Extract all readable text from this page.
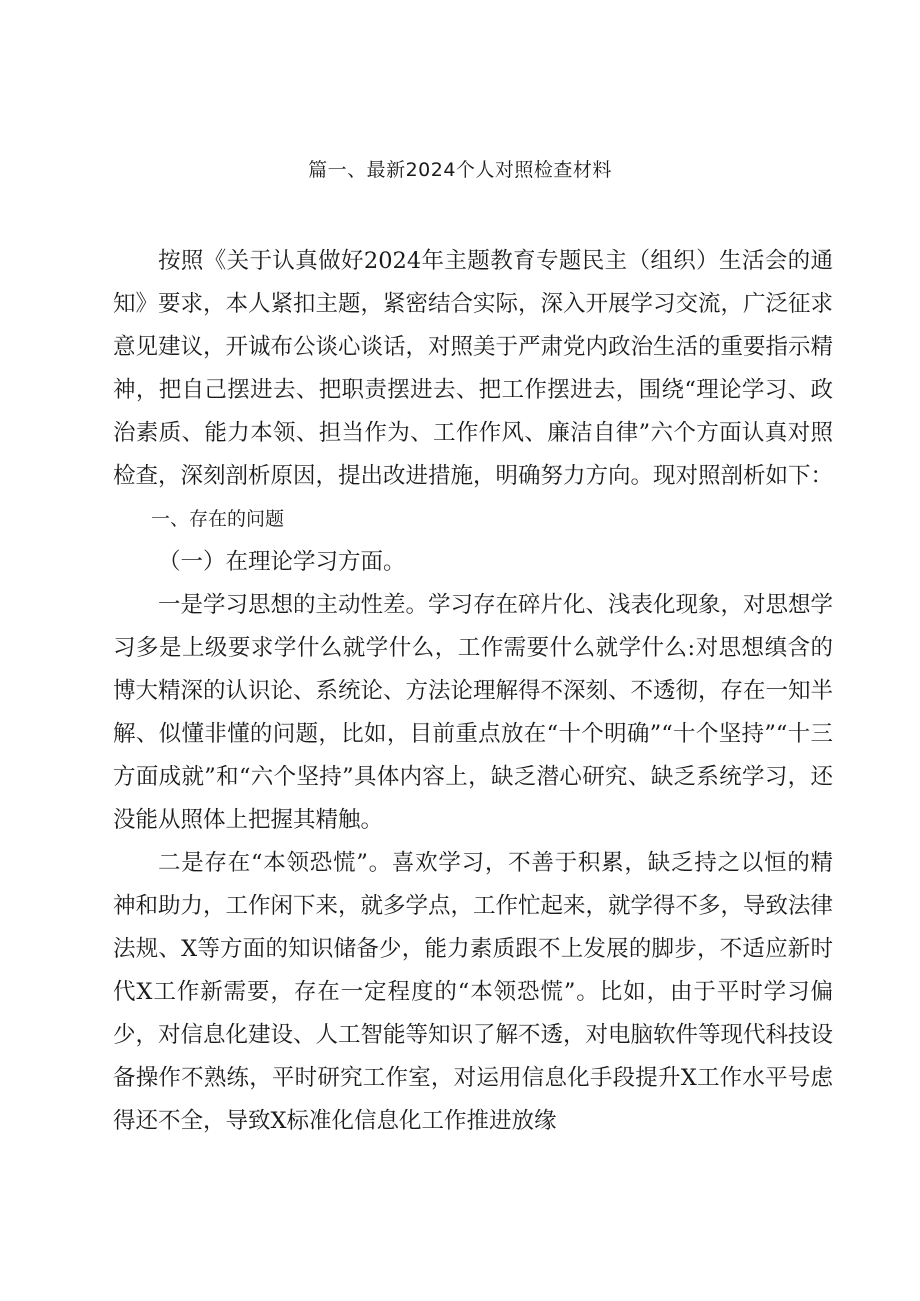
篇一、最新2024个人对照检查材料

按照《关于认真做好2024年主题教育专题民主（组织）生活会的通知》要求，本人紧扣主题，紧密结合实际，深入开展学习交流，广泛征求意见建议，开诚布公谈心谈话，对照美于严肃党内政治生活的重要指示精神，把自己摆进去、把职责摆进去、把工作摆进去，围绕“理论学习、政治素质、能力本领、担当作为、工作作风、廉洁自律”六个方面认真对照检查，深刻剖析原因，提出改进措施，明确努力方向。现对照剖析如下：

一、存在的问题

（一）在理论学习方面。

一是学习思想的主动性差。学习存在碎片化、浅表化现象，对思想学习多是上级要求学什么就学什么，工作需要什么就学什么:对思想缜含的博大精深的认识论、系统论、方法论理解得不深刻、不透彻，存在一知半解、似懂非懂的问题，比如，目前重点放在“十个明确”“十个坚持”“十三方面成就”和“六个坚持”具体内容上，缺乏潜心研究、缺乏系统学习，还没能从照体上把握其精触。

二是存在“本领恐慌”。喜欢学习，不善于积累，缺乏持之以恒的精神和助力，工作闲下来，就多学点，工作忙起来，就学得不多，导致法律法规、X等方面的知识储备少，能力素质跟不上发展的脚步，不适应新时代X工作新需要，存在一定程度的“本领恐慌”。比如，由于平时学习偏少，对信息化建设、人工智能等知识了解不透，对电脑软件等现代科技设备操作不熟练，平时研究工作室，对运用信息化手段提升X工作水平号虑得还不全，导致X标准化信息化工作推进放缘
